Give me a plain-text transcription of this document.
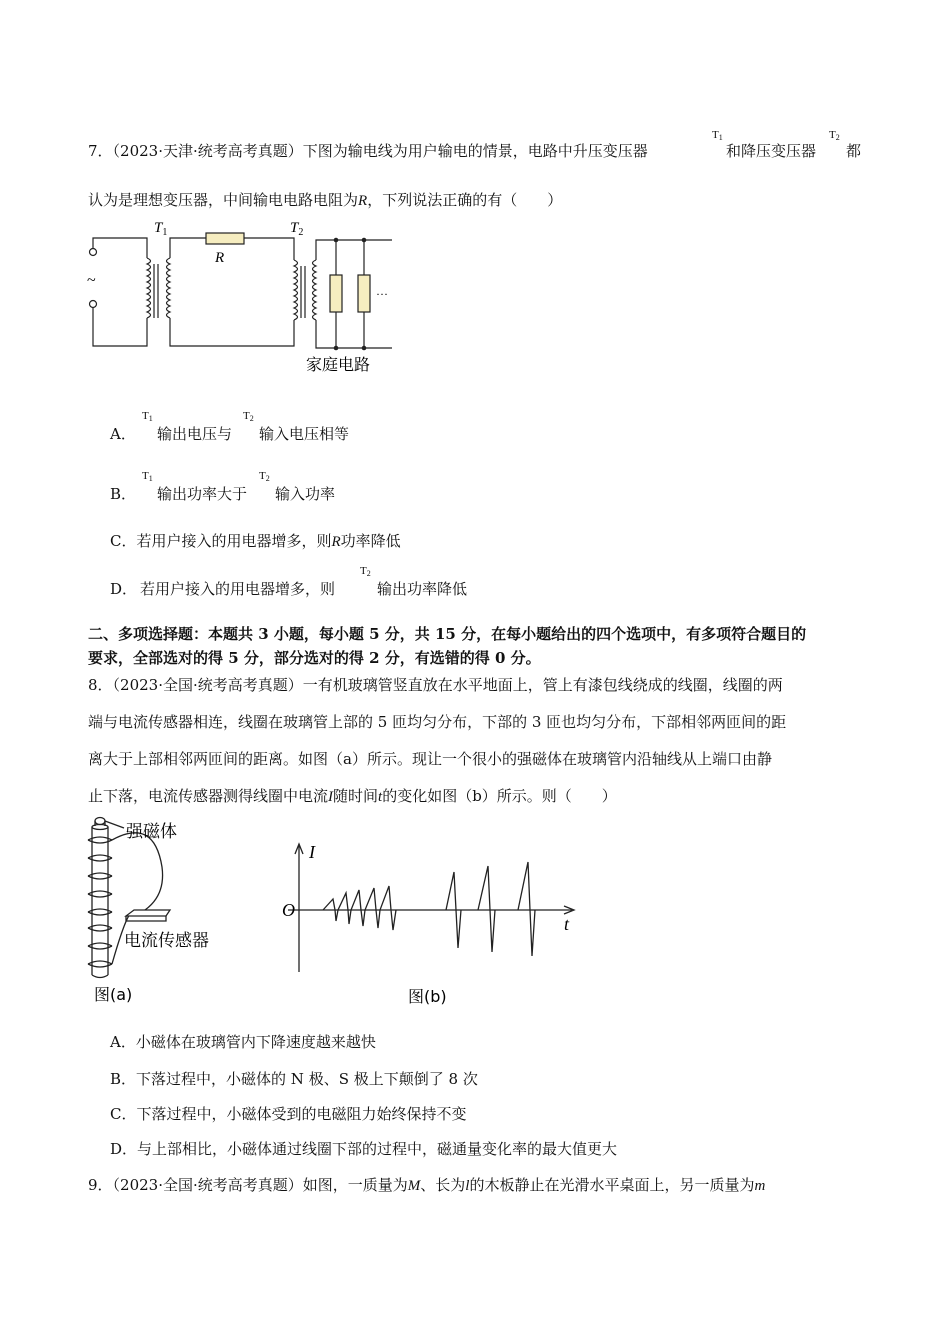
7．（2023·天津·统考高考真题）下图为输电线为用户输电的情景，电路中升压变压器
$T_1$
和降压变压器
$T_2$
都
认为是理想变压器，中间输电电路电阻为R，下列说法正确的有（　　）
$T_1$
R
$T_2$
~
···
家庭电路
A．
$T_1$
输出电压与
$T_2$
输入电压相等
B．
$T_1$
输出功率大于
$T_2$
输入功率
C．若用户接入的用电器增多，则R功率降低
D． 若用户接入的用电器增多，则
$T_2$
输出功率降低
二、多项选择题：本题共 3 小题，每小题 5 分，共 15 分，在每小题给出的四个选项中，有多项符合题目的
要求，全部选对的得 5 分，部分选对的得 2 分，有选错的得 0 分。
8．（2023·全国·统考高考真题）一有机玻璃管竖直放在水平地面上，管上有漆包线绕成的线圈，线圈的两
端与电流传感器相连，线圈在玻璃管上部的 5 匝均匀分布，下部的 3 匝也均匀分布，下部相邻两匝间的距
离大于上部相邻两匝间的距离。如图（a）所示。现让一个很小的强磁体在玻璃管内沿轴线从上端口由静
止下落，电流传感器测得线圈中电流I随时间t的变化如图（b）所示。则（　　）
强磁体
电流传感器
图(a)
I
t
O
图(b)
A．小磁体在玻璃管内下降速度越来越快
B．下落过程中，小磁体的 N 极、S 极上下颠倒了 8 次
C．下落过程中，小磁体受到的电磁阻力始终保持不变
D．与上部相比，小磁体通过线圈下部的过程中，磁通量变化率的最大值更大
9．（2023·全国·统考高考真题）如图，一质量为M、长为l的木板静止在光滑水平桌面上，另一质量为m
